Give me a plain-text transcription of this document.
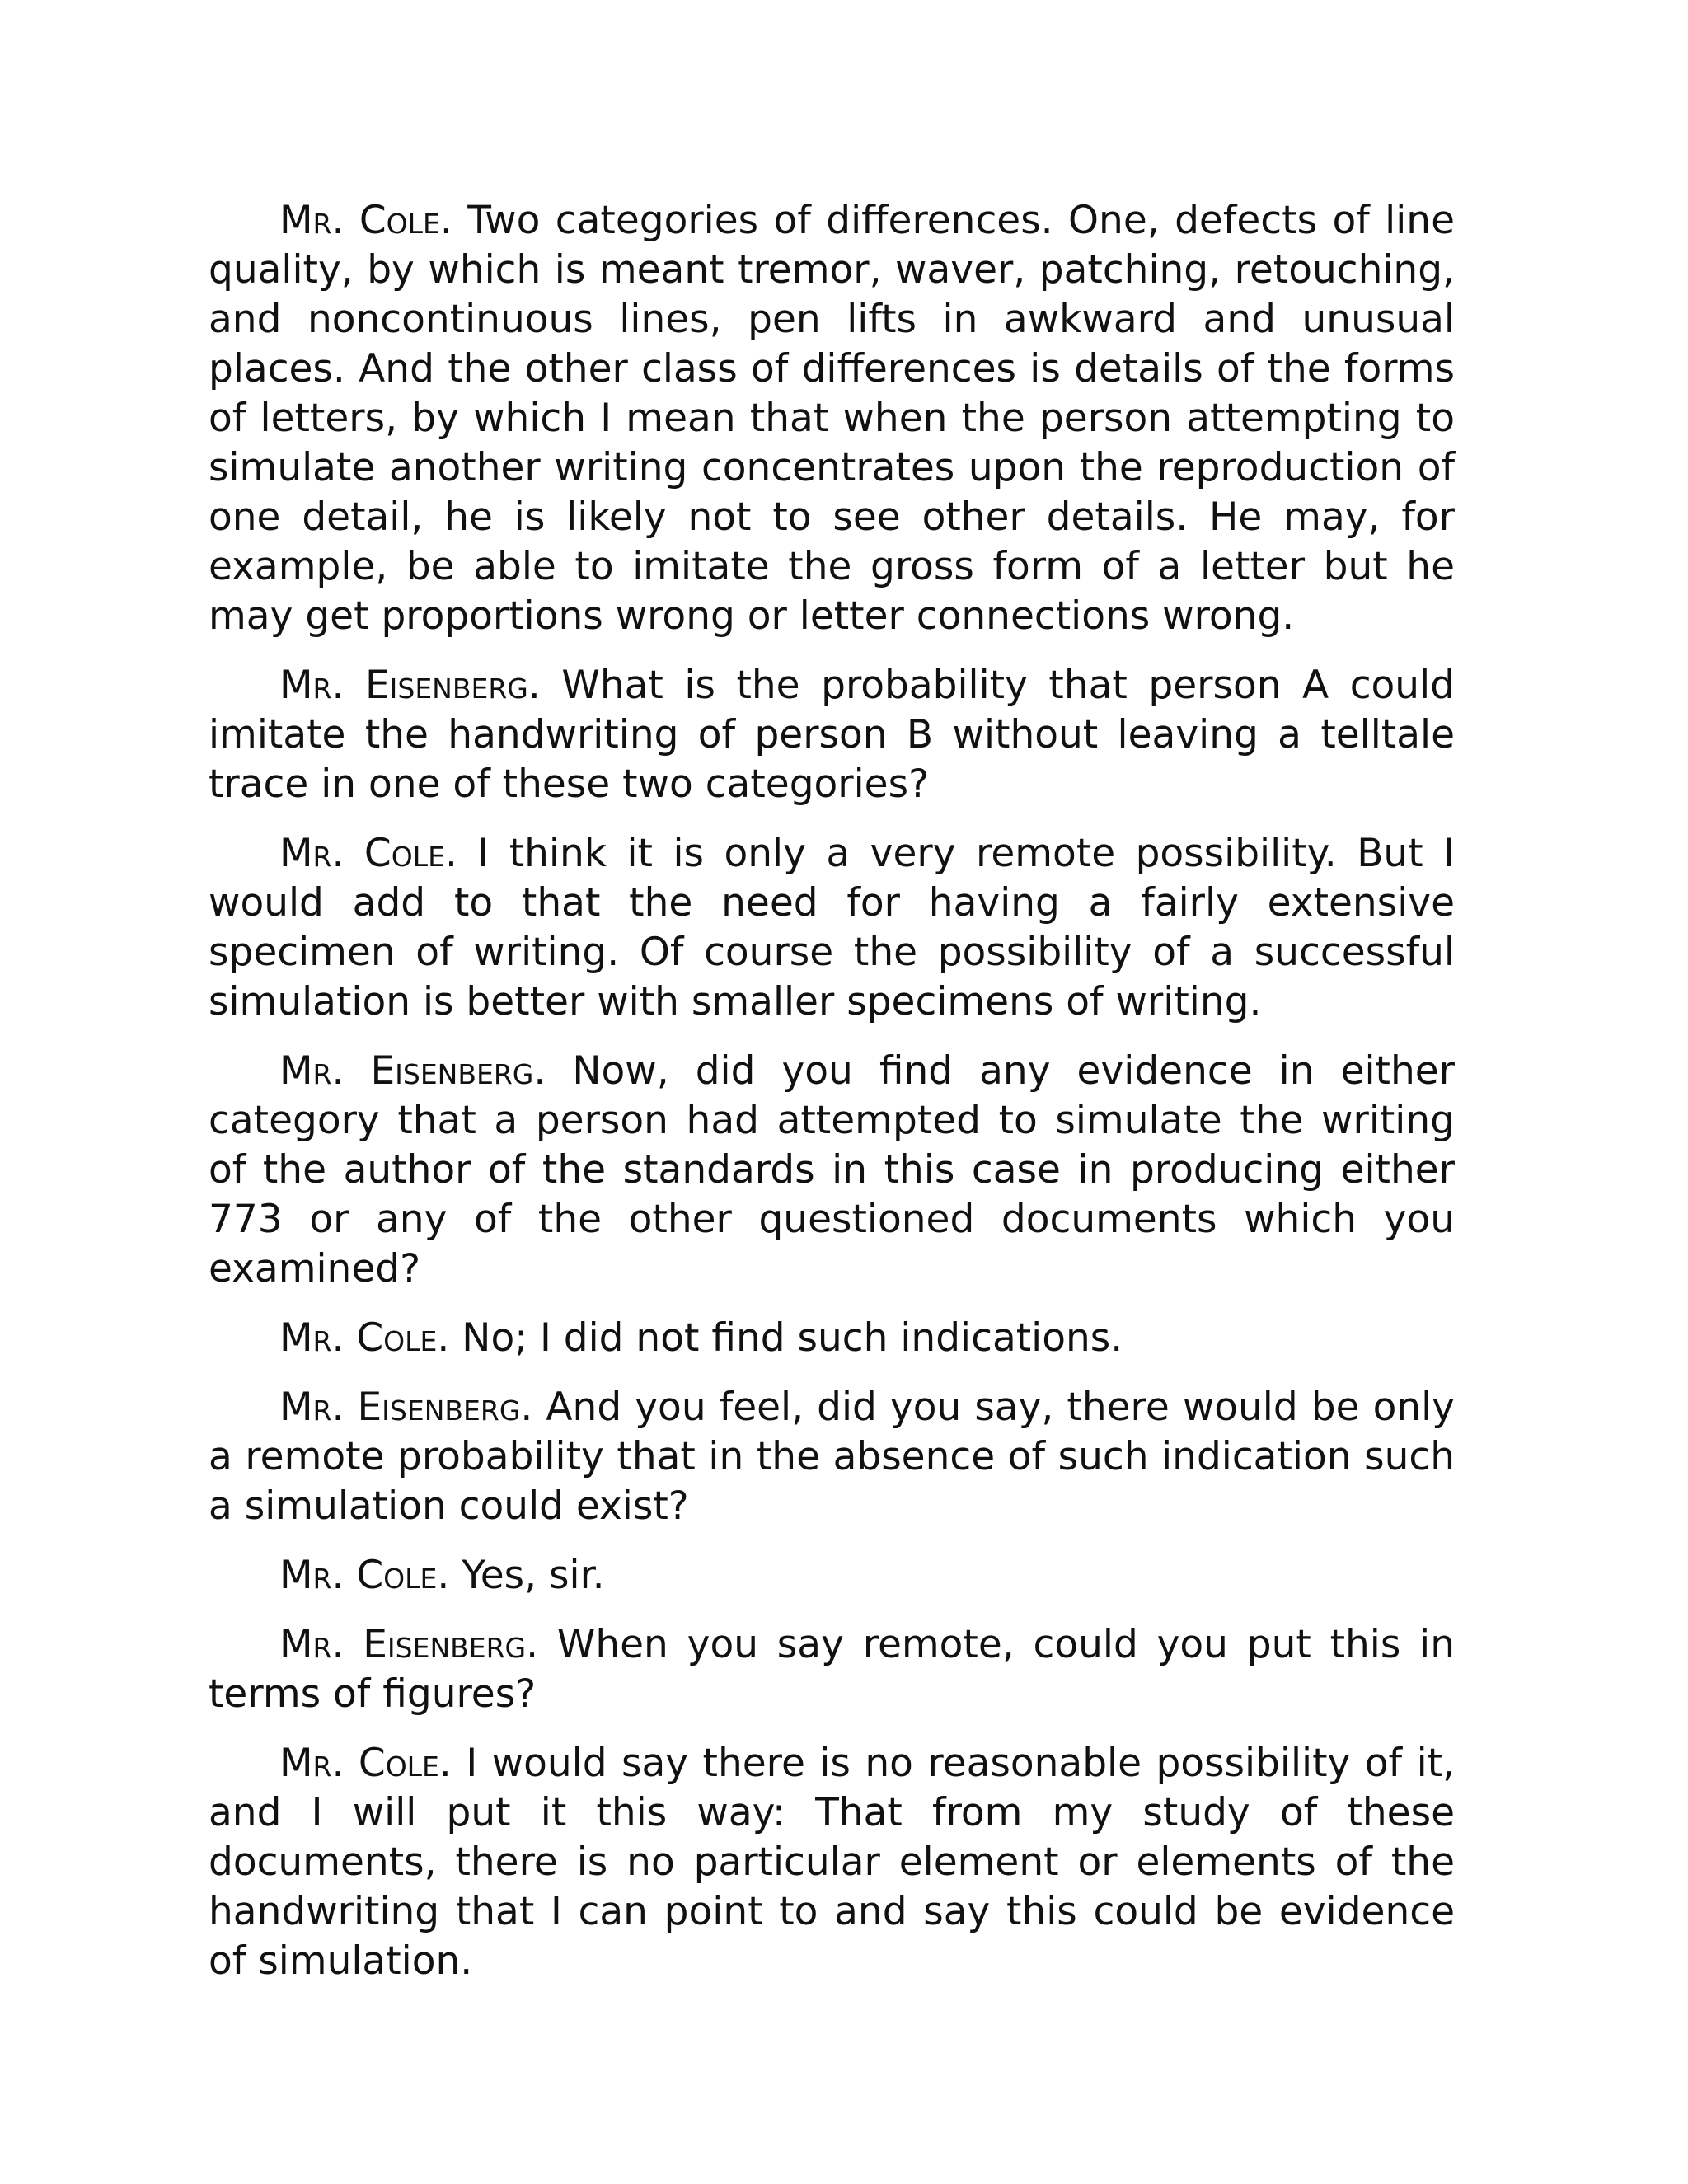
Mr. Cole. Two categories of differences. One, defects of line quality, by which is meant tremor, waver, patching, retouching, and noncontinuous lines, pen lifts in awkward and unusual places. And the other class of differences is details of the forms of letters, by which I mean that when the person attempting to simulate another writing concentrates upon the reproduction of one detail, he is likely not to see other details. He may, for example, be able to imitate the gross form of a letter but he may get proportions wrong or letter connections wrong.

Mr. Eisenberg. What is the probability that person A could imitate the handwriting of person B without leaving a telltale trace in one of these two categories?

Mr. Cole. I think it is only a very remote possibility. But I would add to that the need for having a fairly extensive specimen of writing. Of course the possibility of a successful simulation is better with smaller specimens of writing.

Mr. Eisenberg. Now, did you find any evidence in either category that a person had attempted to simulate the writing of the author of the standards in this case in producing either 773 or any of the other questioned documents which you examined?

Mr. Cole. No; I did not find such indications.

Mr. Eisenberg. And you feel, did you say, there would be only a remote probability that in the absence of such indication such a simulation could exist?

Mr. Cole. Yes, sir.

Mr. Eisenberg. When you say remote, could you put this in terms of figures?

Mr. Cole. I would say there is no reasonable possibility of it, and I will put it this way: That from my study of these documents, there is no particular element or elements of the handwriting that I can point to and say this could be evidence of simulation.
